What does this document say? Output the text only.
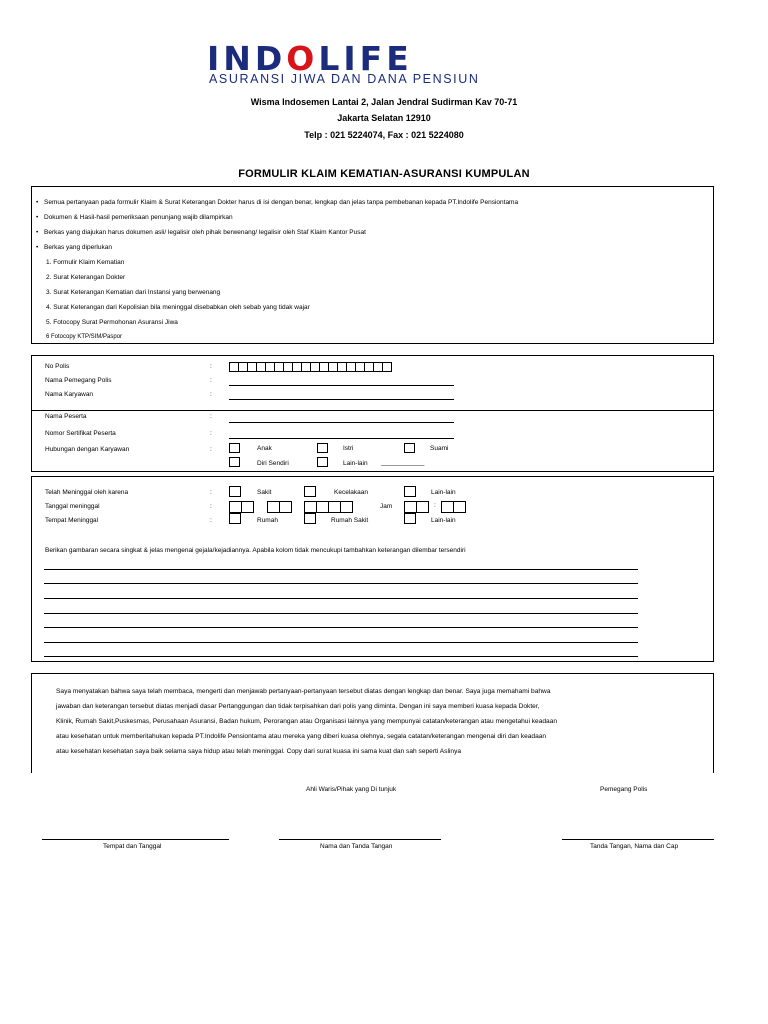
INDOLIFE
ASURANSI JIWA DAN DANA PENSIUN
Wisma Indosemen Lantai 2, Jalan Jendral Sudirman Kav 70-71
Jakarta Selatan 12910
Telp : 021 5224074, Fax : 021 5224080
FORMULIR KLAIM KEMATIAN-ASURANSI KUMPULAN
• Semua pertanyaan pada formulir Klaim & Surat Keterangan Dokter harus di isi dengan benar, lengkap dan jelas tanpa pembebanan kepada PT.Indolife Pensiontama
• Dokumen & Hasil-hasil pemeriksaan penunjang wajib dilampirkan
• Berkas yang diajukan harus dokumen asli/ legalisir oleh pihak berwenang/ legalisir oleh Staf Klaim Kantor Pusat
• Berkas yang diperlukan
1. Formulir Klaim Kematian
2. Surat Keterangan Dokter
3. Surat Keterangan Kematian dari Instansi yang berwenang
4. Surat Keterangan dari Kepolisian bila meninggal disebabkan oleh sebab yang tidak wajar
5. Fotocopy Surat Permohonan Asuransi Jiwa
6 Fotocopy KTP/SIM/Paspor
No Polis	:
Nama Pemegang Polis	:
Nama Karyawan	:
Nama Peserta	:
Nomor Sertifikat Peserta	:
Hubungan dengan Karyawan	:	Anak	Istri	Suami
Diri Sendiri	Lain-lain ____________
Telah Meninggal oleh karena	:	Sakit	Kecelakaan	Lain-lain
Tanggal meninggal	:	Jam	:
Tempat Meninggal	:	Rumah	Rumah Sakit	Lain-lain
Berikan gambaran secara singkat & jelas mengenai gejala/kejadiannya. Apabila kolom tidak mencukupi tambahkan keterangan dilembar tersendiri
Saya menyatakan bahwa saya telah membaca, mengerti dan menjawab pertanyaan-pertanyaan tersebut diatas dengan lengkap dan benar. Saya juga memahami bahwa
jawaban dan keterangan tersebut diatas menjadi dasar Pertanggungan dan tidak terpisahkan dari polis yang diminta. Dengan ini saya memberi kuasa kepada Dokter,
Klinik, Rumah Sakit,Puskesmas, Perusahaan Asuransi, Badan hukum, Perorangan atau Organisasi lainnya yang mempunyai catatan/keterangan atau mengetahui keadaan
atau kesehatan untuk memberitahukan kepada PT.Indolife Pensiontama atau mereka yang diberi kuasa olehnya, segala catatan/keterangan mengenai diri dan keadaan
atau kesehatan kesehatan saya baik selama saya hidup atau telah meninggal. Copy dari surat kuasa ini sama kuat dan sah seperti Aslinya
Ahli Waris/Pihak yang Di tunjuk	Pemegang Polis
Tempat dan Tanggal	Nama dan Tanda Tangan	Tanda Tangan, Nama dan Cap
